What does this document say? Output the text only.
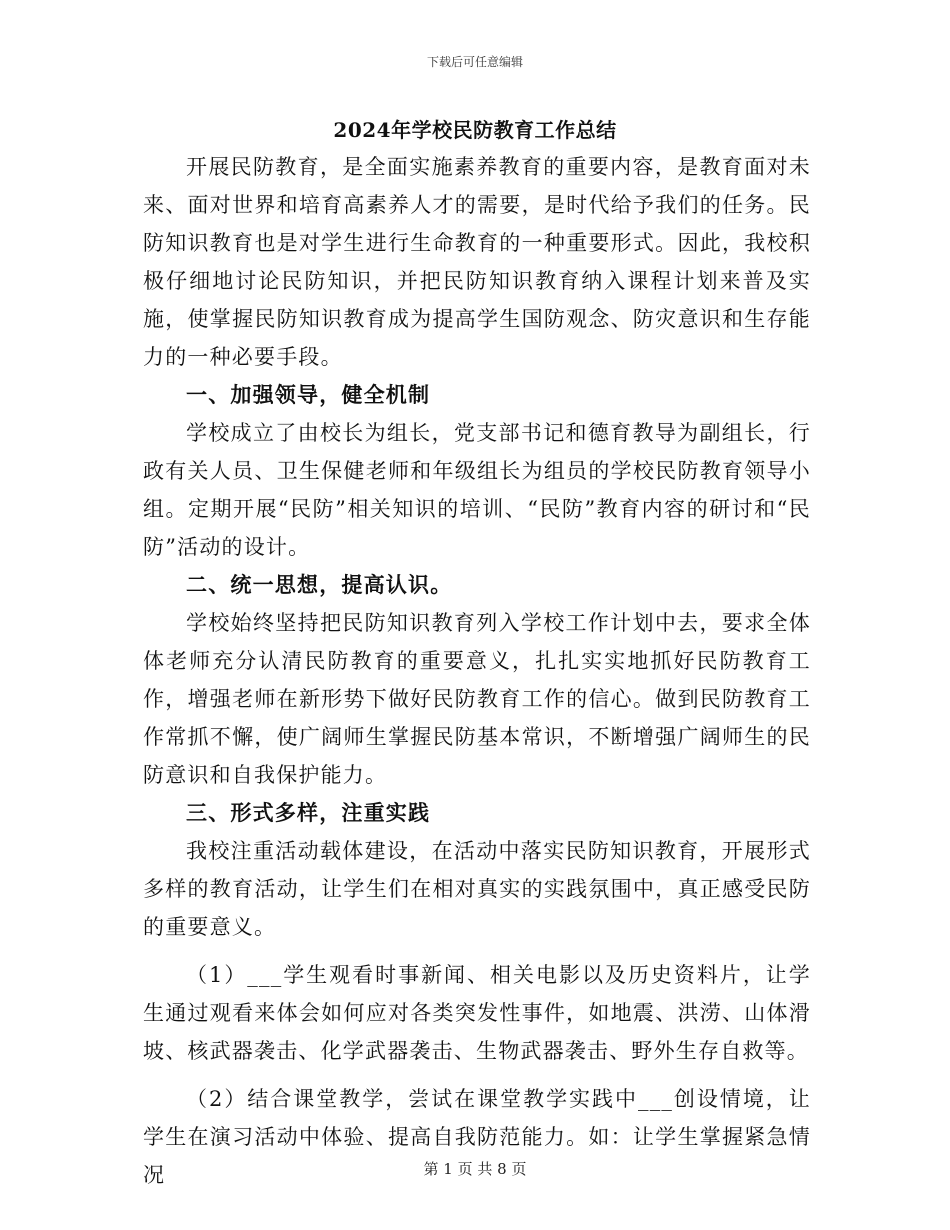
下载后可任意编辑
2024年学校民防教育工作总结

开展民防教育，是全面实施素养教育的重要内容，是教育面对未来、面对世界和培育高素养人才的需要，是时代给予我们的任务。民防知识教育也是对学生进行生命教育的一种重要形式。因此，我校积极仔细地讨论民防知识，并把民防知识教育纳入课程计划来普及实施，使掌握民防知识教育成为提高学生国防观念、防灾意识和生存能力的一种必要手段。

一、加强领导，健全机制

学校成立了由校长为组长，党支部书记和德育教导为副组长，行政有关人员、卫生保健老师和年级组长为组员的学校民防教育领导小组。定期开展“民防”相关知识的培训、“民防”教育内容的研讨和“民防”活动的设计。

二、统一思想，提高认识。

学校始终坚持把民防知识教育列入学校工作计划中去，要求全体体老师充分认清民防教育的重要意义，扎扎实实地抓好民防教育工作，增强老师在新形势下做好民防教育工作的信心。做到民防教育工作常抓不懈，使广阔师生掌握民防基本常识，不断增强广阔师生的民防意识和自我保护能力。

三、形式多样，注重实践

我校注重活动载体建设，在活动中落实民防知识教育，开展形式多样的教育活动，让学生们在相对真实的实践氛围中，真正感受民防的重要意义。

（1）___学生观看时事新闻、相关电影以及历史资料片，让学生通过观看来体会如何应对各类突发性事件，如地震、洪涝、山体滑坡、核武器袭击、化学武器袭击、生物武器袭击、野外生存自救等。

（2）结合课堂教学，尝试在课堂教学实践中___创设情境，让学生在演习活动中体验、提高自我防范能力。如：让学生掌握紧急情况	第 1 页 共 8 页
